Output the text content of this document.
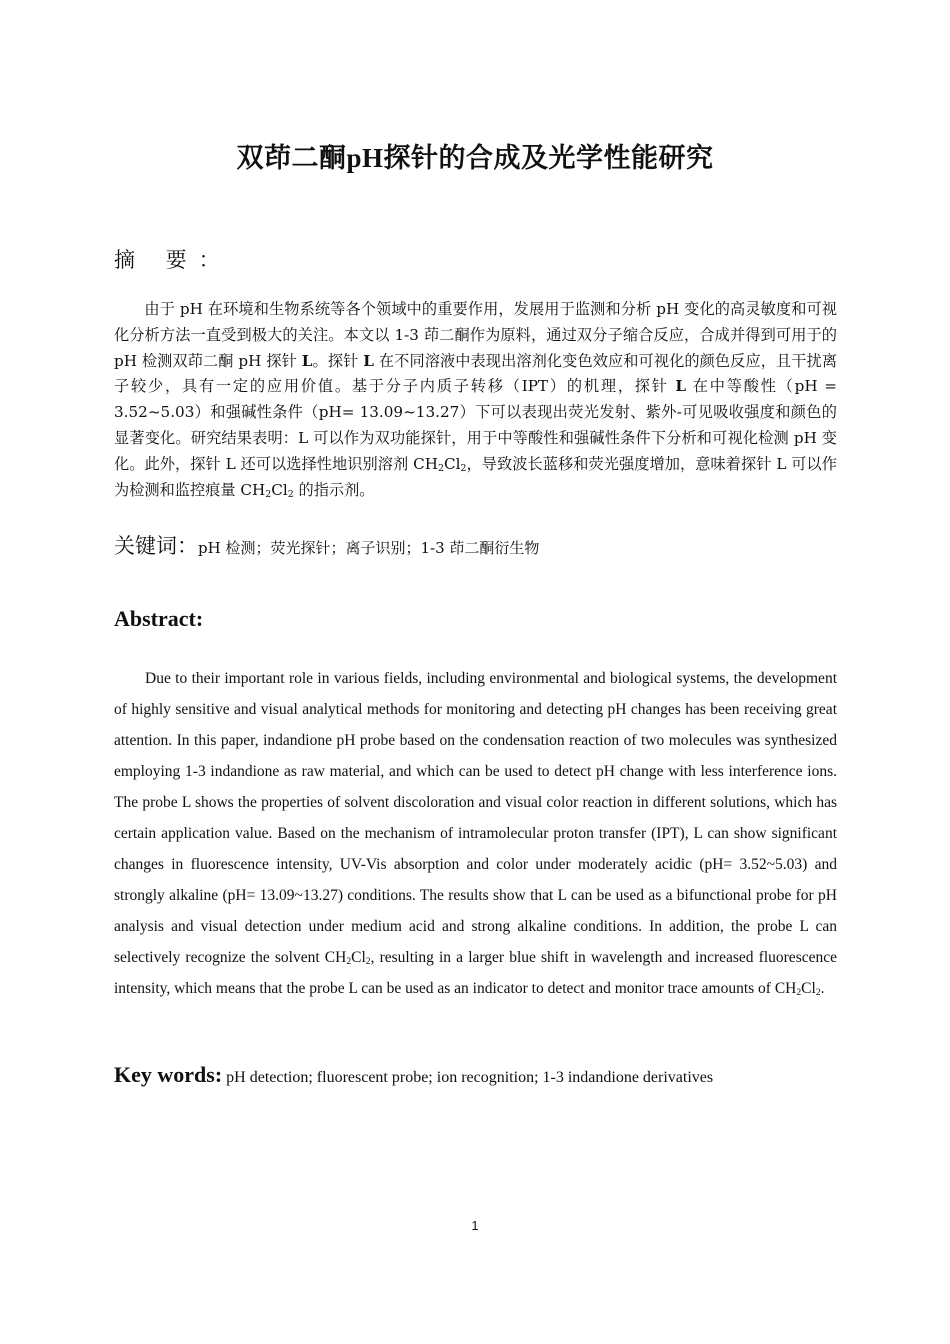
双茚二酮pH探针的合成及光学性能研究
摘 要：

由于 pH 在环境和生物系统等各个领域中的重要作用，发展用于监测和分析 pH 变化的高灵敏度和可视化分析方法一直受到极大的关注。本文以 1-3 茚二酮作为原料，通过双分子缩合反应，合成并得到可用于的 pH 检测双茚二酮 pH 探针 L。探针 L 在不同溶液中表现出溶剂化变色效应和可视化的颜色反应，且干扰离子较少，具有一定的应用价值。基于分子内质子转移（IPT）的机理，探针 L 在中等酸性（pH = 3.52~5.03）和强碱性条件（pH= 13.09~13.27）下可以表现出荧光发射、紫外-可见吸收强度和颜色的显著变化。研究结果表明：L 可以作为双功能探针，用于中等酸性和强碱性条件下分析和可视化检测 pH 变化。此外，探针 L 还可以选择性地识别溶剂 $CH_2Cl_2$，导致波长蓝移和荧光强度增加，意味着探针 L 可以作为检测和监控痕量 $CH_2Cl_2$ 的指示剂。

关键词：pH 检测；荧光探针；离子识别；1-3 茚二酮衍生物
Abstract:

Due to their important role in various fields, including environmental and biological systems, the development of highly sensitive and visual analytical methods for monitoring and detecting pH changes has been receiving great attention. In this paper, indandione pH probe based on the condensation reaction of two molecules was synthesized employing 1-3 indandione as raw material, and which can be used to detect pH change with less interference ions. The probe L shows the properties of solvent discoloration and visual color reaction in different solutions, which has certain application value. Based on the mechanism of intramolecular proton transfer (IPT), L can show significant changes in fluorescence intensity, UV-Vis absorption and color under moderately acidic (pH= 3.52~5.03) and strongly alkaline (pH= 13.09~13.27) conditions. The results show that L can be used as a bifunctional probe for pH analysis and visual detection under medium acid and strong alkaline conditions. In addition, the probe L can selectively recognize the solvent $CH_2Cl_2$, resulting in a larger blue shift in wavelength and increased fluorescence intensity, which means that the probe L can be used as an indicator to detect and monitor trace amounts of $CH_2Cl_2$.

Key words: pH detection; fluorescent probe; ion recognition; 1-3 indandione derivatives
1
